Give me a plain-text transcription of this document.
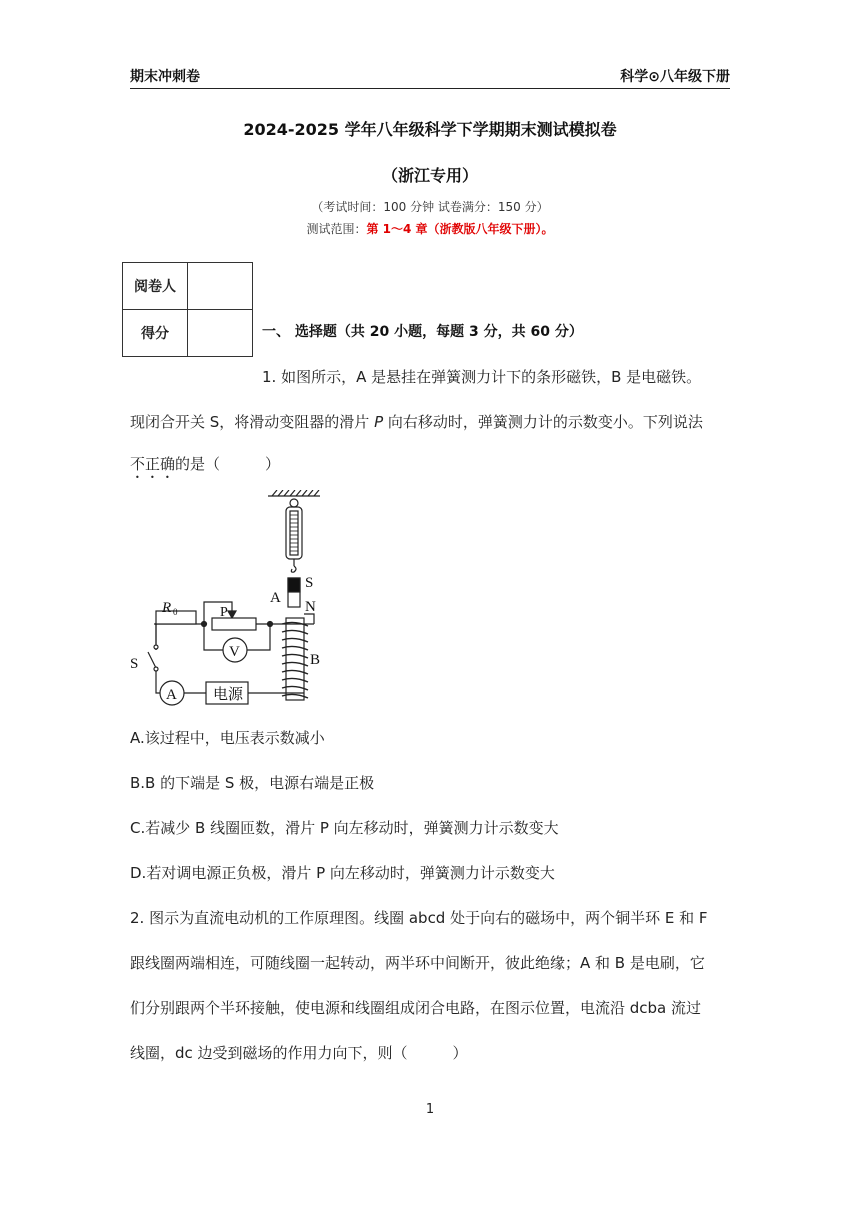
期末冲刺卷	科学⊙八年级下册
2024-2025 学年八年级科学下学期期末测试模拟卷
（浙江专用）
（考试时间：100 分钟 试卷满分：150 分）
测试范围：第 1～4 章（浙教版八年级下册）。
阅卷人	
得分		一、 选择题（共 20 小题，每题 3 分，共 60 分）
1. 如图所示，A 是悬挂在弹簧测力计下的条形磁铁，B 是电磁铁。
现闭合开关 S，将滑动变阻器的滑片 P 向右移动时，弹簧测力计的示数变小。下列说法
不正确的是（　　　）
R 0	P
V
A 电源
S
A
S
N
B
A.该过程中，电压表示数减小
B.B 的下端是 S 极，电源右端是正极
C.若减少 B 线圈匝数，滑片 P 向左移动时，弹簧测力计示数变大
D.若对调电源正负极，滑片 P 向左移动时，弹簧测力计示数变大
2. 图示为直流电动机的工作原理图。线圈 abcd 处于向右的磁场中，两个铜半环 E 和 F
跟线圈两端相连，可随线圈一起转动，两半环中间断开，彼此绝缘；A 和 B 是电刷，它
们分别跟两个半环接触，使电源和线圈组成闭合电路，在图示位置，电流沿 dcba 流过
线圈，dc 边受到磁场的作用力向下，则（　　　）
1
